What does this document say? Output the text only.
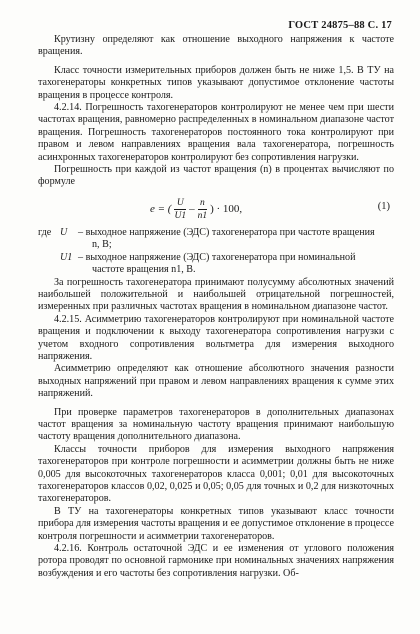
ГОСТ 24875–88 С. 17

Крутизну определяют как отношение выходного напряжения к частоте вращения.

Класс точности измерительных приборов должен быть не ниже 1,5. В ТУ на тахогенераторы конкретных типов указывают допустимое отклонение частоты вращения в процессе контроля.

4.2.14. Погрешность тахогенераторов контролируют не менее чем при шести частотах вращения, равномерно распределенных в номинальном диапазоне частот вращения. Погрешность тахогенераторов постоянного тока контролируют при правом и левом направлениях вращения вала тахогенератора, погрешность асинхронных тахогенераторов контролируют без сопротивления нагрузки.

Погрешность при каждой из частот вращения (n) в процентах вычисляют по формуле

e = ( $\frac{U}{U1} - \frac{n}{n1}$ ) · 100,	(1)
где U	– выходное напряжение (ЭДС) тахогенератора при частоте вращения
n, В;
U1 – выходное напряжение (ЭДС) тахогенератора при номинальной
частоте вращения n1, В.

За погрешность тахогенератора принимают полусумму абсолютных значений наибольшей положительной и наибольшей отрицательной погрешностей, измеренных при различных частотах вращения в номинальном диапазоне частот.

4.2.15. Асимметрию тахогенераторов контролируют при номинальной частоте вращения и подключении к выходу тахогенератора сопротивления нагрузки с учетом входного сопротивления вольтметра для измерения выходного напряжения.

Асимметрию определяют как отношение абсолютного значения разности выходных напряжений при правом и левом направлениях вращения к сумме этих напряжений.

При проверке параметров тахогенераторов в дополнительных диапазонах частот вращения за номинальную частоту вращения принимают наибольшую частоту вращения дополнительного диапазона.

Классы точности приборов для измерения выходного напряжения тахогенераторов при контроле погрешности и асимметрии должны быть не ниже 0,005 для высокоточных тахогенераторов класса 0,001; 0,01 для высокоточных тахогенераторов классов 0,02, 0,025 и 0,05; 0,05 для точных и 0,2 для низкоточных тахогенераторов.

В ТУ на тахогенераторы конкретных типов указывают класс точности прибора для измерения частоты вращения и ее допустимое отклонение в процессе контроля погрешности и асимметрии тахогенераторов.

4.2.16. Контроль остаточной ЭДС и ее изменения от углового положения ротора проводят по основной гармонике при номинальных значениях напряжения возбуждения и его частоты без сопротивления нагрузки. Об-
